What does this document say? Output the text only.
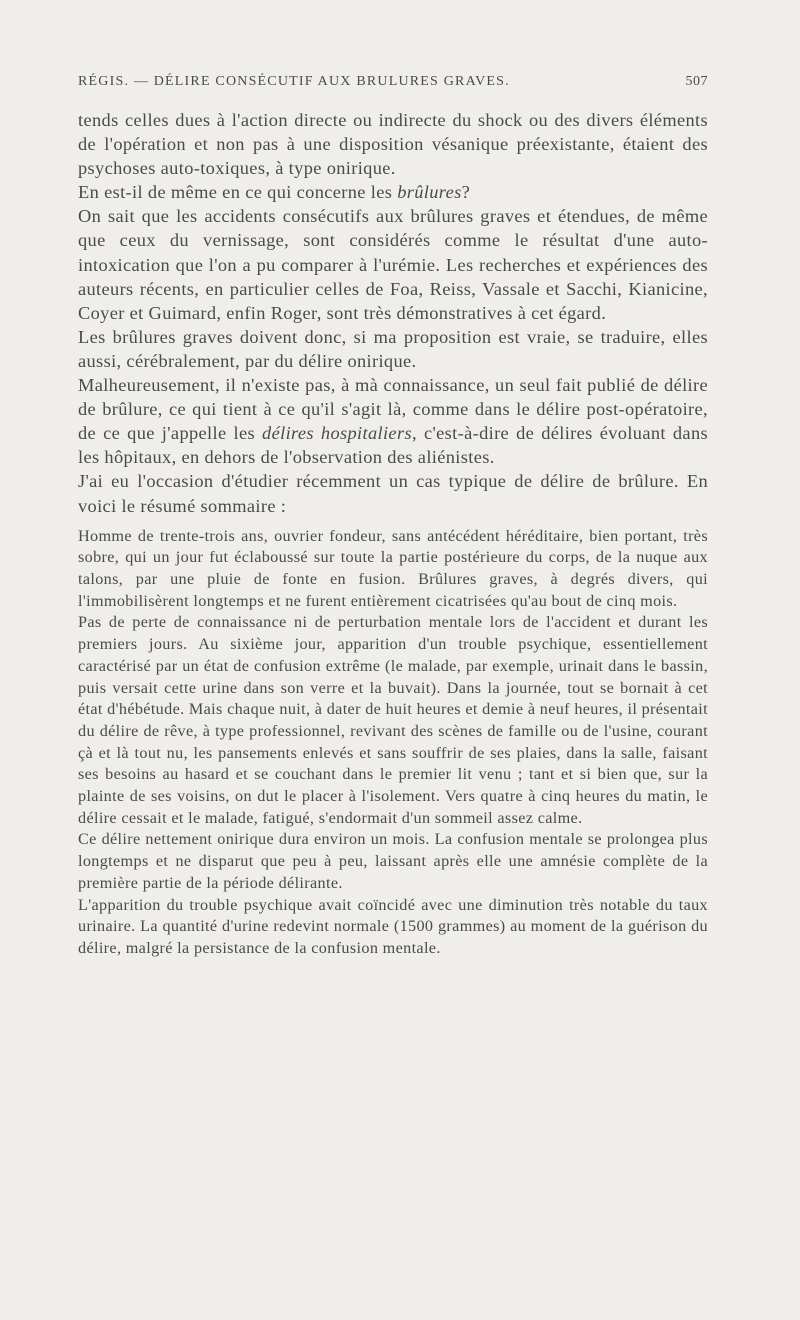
RÉGIS. — DÉLIRE CONSÉCUTIF AUX BRULURES GRAVES.	507

tends celles dues à l'action directe ou indirecte du shock ou des divers éléments de l'opération et non pas à une disposition vésanique préexistante, étaient des psychoses auto-toxiques, à type onirique.

En est-il de même en ce qui concerne les brûlures?

On sait que les accidents consécutifs aux brûlures graves et étendues, de même que ceux du vernissage, sont considérés comme le résultat d'une auto-intoxication que l'on a pu comparer à l'urémie. Les recherches et expériences des auteurs récents, en particulier celles de Foa, Reiss, Vassale et Sacchi, Kianicine, Coyer et Guimard, enfin Roger, sont très démonstratives à cet égard.

Les brûlures graves doivent donc, si ma proposition est vraie, se traduire, elles aussi, cérébralement, par du délire onirique.

Malheureusement, il n'existe pas, à mà connaissance, un seul fait publié de délire de brûlure, ce qui tient à ce qu'il s'agit là, comme dans le délire post-opératoire, de ce que j'appelle les délires hospitaliers, c'est-à-dire de délires évoluant dans les hôpitaux, en dehors de l'observation des aliénistes.

J'ai eu l'occasion d'étudier récemment un cas typique de délire de brûlure. En voici le résumé sommaire :

Homme de trente-trois ans, ouvrier fondeur, sans antécédent héréditaire, bien portant, très sobre, qui un jour fut éclaboussé sur toute la partie postérieure du corps, de la nuque aux talons, par une pluie de fonte en fusion. Brûlures graves, à degrés divers, qui l'immobilisèrent longtemps et ne furent entièrement cicatrisées qu'au bout de cinq mois.

Pas de perte de connaissance ni de perturbation mentale lors de l'accident et durant les premiers jours. Au sixième jour, apparition d'un trouble psychique, essentiellement caractérisé par un état de confusion extrême (le malade, par exemple, urinait dans le bassin, puis versait cette urine dans son verre et la buvait). Dans la journée, tout se bornait à cet état d'hébétude. Mais chaque nuit, à dater de huit heures et demie à neuf heures, il présentait du délire de rêve, à type professionnel, revivant des scènes de famille ou de l'usine, courant çà et là tout nu, les pansements enlevés et sans souffrir de ses plaies, dans la salle, faisant ses besoins au hasard et se couchant dans le premier lit venu ; tant et si bien que, sur la plainte de ses voisins, on dut le placer à l'isolement. Vers quatre à cinq heures du matin, le délire cessait et le malade, fatigué, s'endormait d'un sommeil assez calme.

Ce délire nettement onirique dura environ un mois. La confusion mentale se prolongea plus longtemps et ne disparut que peu à peu, laissant après elle une amnésie complète de la première partie de la période délirante.

L'apparition du trouble psychique avait coïncidé avec une diminution très notable du taux urinaire. La quantité d'urine redevint normale (1500 grammes) au moment de la guérison du délire, malgré la persistance de la confusion mentale.
